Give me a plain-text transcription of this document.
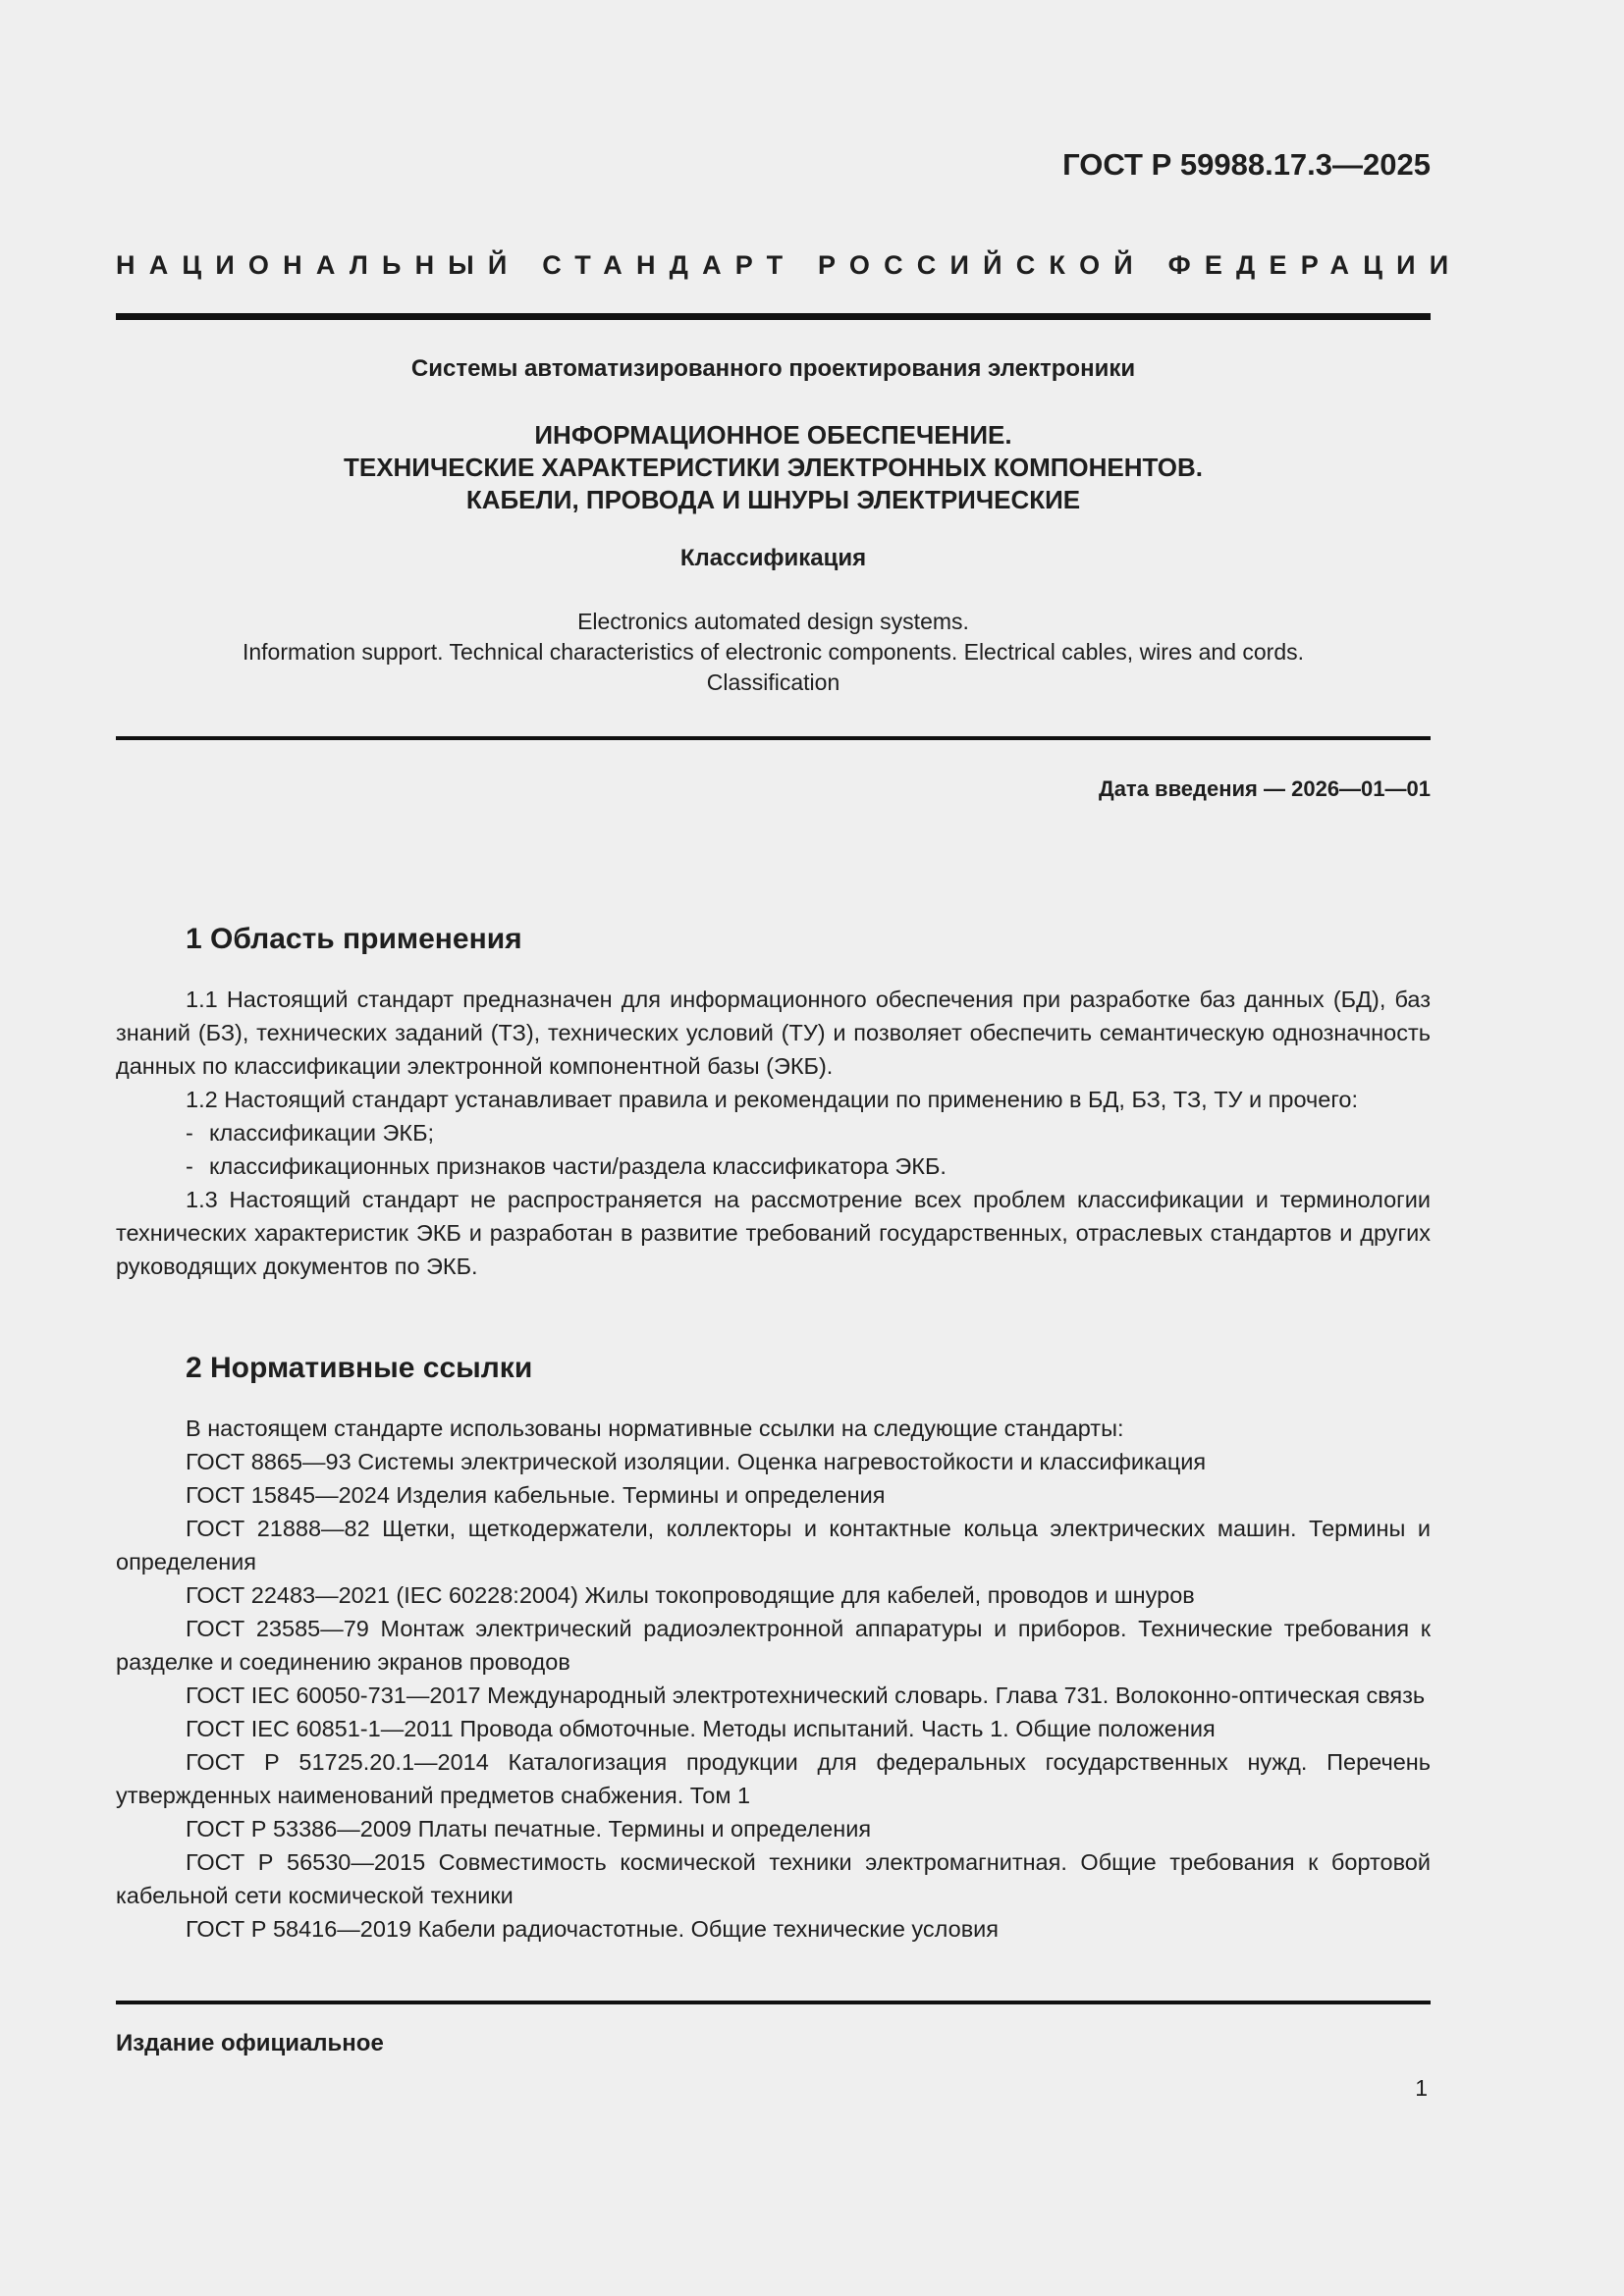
ГОСТ Р 59988.17.3—2025
НАЦИОНАЛЬНЫЙ СТАНДАРТ РОССИЙСКОЙ ФЕДЕРАЦИИ
Системы автоматизированного проектирования электроники
ИНФОРМАЦИОННОЕ ОБЕСПЕЧЕНИЕ.
ТЕХНИЧЕСКИЕ ХАРАКТЕРИСТИКИ ЭЛЕКТРОННЫХ КОМПОНЕНТОВ.
КАБЕЛИ, ПРОВОДА И ШНУРЫ ЭЛЕКТРИЧЕСКИЕ
Классификация
Electronics automated design systems.
Information support. Technical characteristics of electronic components. Electrical cables, wires and cords.
Classification
Дата введения — 2026—01—01
1 Область применения

1.1 Настоящий стандарт предназначен для информационного обеспечения при разработке баз данных (БД), баз знаний (БЗ), технических заданий (ТЗ), технических условий (ТУ) и позволяет обеспечить семантическую однозначность данных по классификации электронной компонентной базы (ЭКБ).

1.2 Настоящий стандарт устанавливает правила и рекомендации по применению в БД, БЗ, ТЗ, ТУ и прочего:

- классификации ЭКБ;

- классификационных признаков части/раздела классификатора ЭКБ.

1.3 Настоящий стандарт не распространяется на рассмотрение всех проблем классификации и терминологии технических характеристик ЭКБ и разработан в развитие требований государственных, отраслевых стандартов и других руководящих документов по ЭКБ.

2 Нормативные ссылки

В настоящем стандарте использованы нормативные ссылки на следующие стандарты:

ГОСТ 8865—93 Системы электрической изоляции. Оценка нагревостойкости и классификация

ГОСТ 15845—2024 Изделия кабельные. Термины и определения

ГОСТ 21888—82 Щетки, щеткодержатели, коллекторы и контактные кольца электрических машин. Термины и определения

ГОСТ 22483—2021 (IEC 60228:2004) Жилы токопроводящие для кабелей, проводов и шнуров

ГОСТ 23585—79 Монтаж электрический радиоэлектронной аппаратуры и приборов. Технические требования к разделке и соединению экранов проводов

ГОСТ IEC 60050-731—2017 Международный электротехнический словарь. Глава 731. Волоконно-оптическая связь

ГОСТ IEC 60851-1—2011 Провода обмоточные. Методы испытаний. Часть 1. Общие положения

ГОСТ Р 51725.20.1—2014 Каталогизация продукции для федеральных государственных нужд. Перечень утвержденных наименований предметов снабжения. Том 1

ГОСТ Р 53386—2009 Платы печатные. Термины и определения

ГОСТ Р 56530—2015 Совместимость космической техники электромагнитная. Общие требования к бортовой кабельной сети космической техники

ГОСТ Р 58416—2019 Кабели радиочастотные. Общие технические условия

Издание официальное
1
